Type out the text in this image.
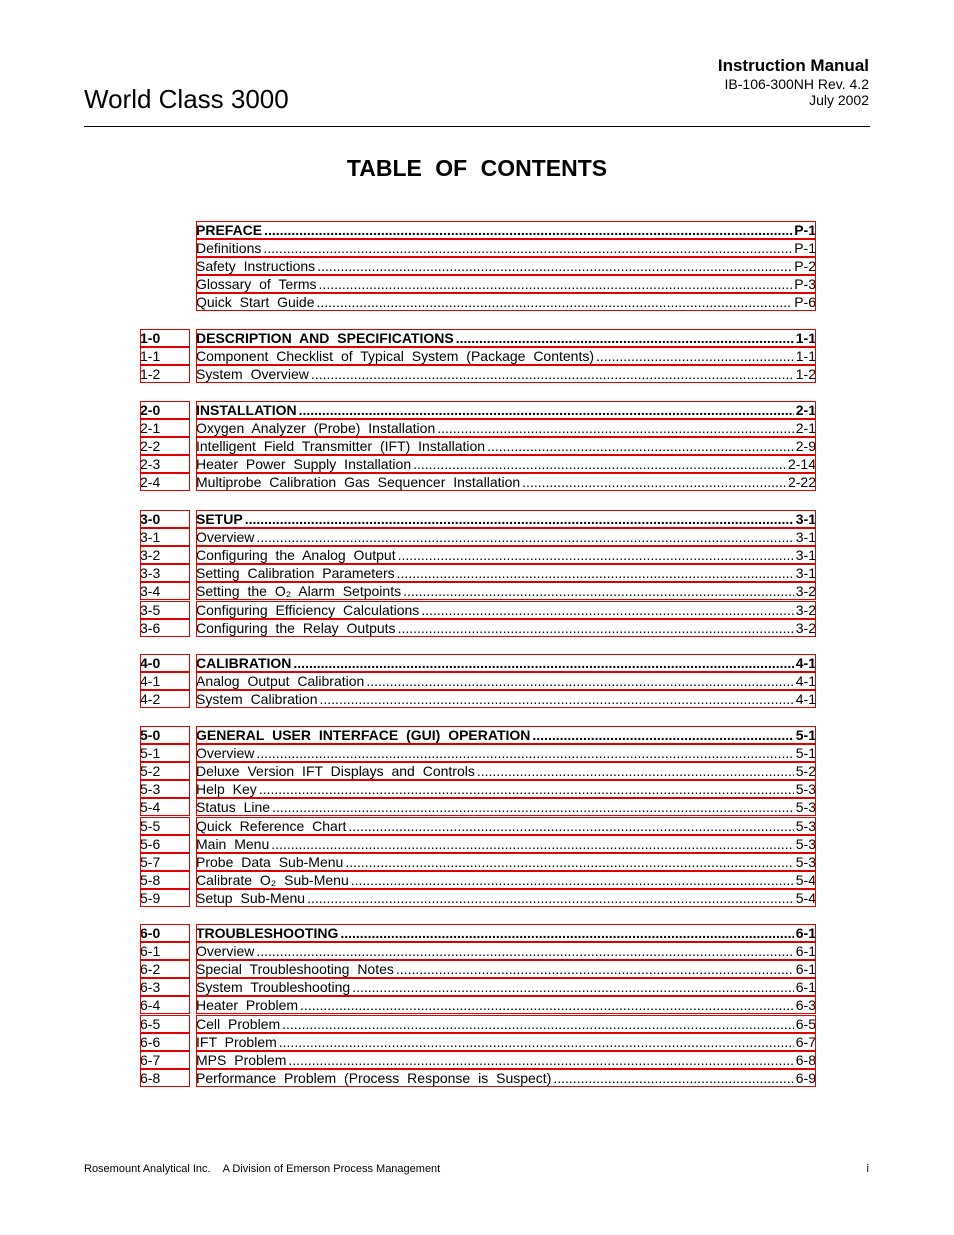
World Class 3000
Instruction Manual
IB-106-300NH Rev. 4.2
July 2002
TABLE OF CONTENTS
PREFACE .....	P-1
Definitions .....	P-1
Safety Instructions .....	P-2
Glossary of Terms .....	P-3
Quick Start Guide .....	P-6
1-0	DESCRIPTION AND SPECIFICATIONS .....	1-1
1-1	Component Checklist of Typical System (Package Contents) .....	1-1
1-2	System Overview .....	1-2
2-0	INSTALLATION .....	2-1
2-1	Oxygen Analyzer (Probe) Installation .....	2-1
2-2	Intelligent Field Transmitter (IFT) Installation .....	2-9
2-3	Heater Power Supply Installation .....	2-14
2-4	Multiprobe Calibration Gas Sequencer Installation .....	2-22
3-0	SETUP .....	3-1
3-1	Overview .....	3-1
3-2	Configuring the Analog Output .....	3-1
3-3	Setting Calibration Parameters .....	3-1
3-4	Setting the O₂ Alarm Setpoints .....	3-2
3-5	Configuring Efficiency Calculations .....	3-2
3-6	Configuring the Relay Outputs .....	3-2
4-0	CALIBRATION .....	4-1
4-1	Analog Output Calibration .....	4-1
4-2	System Calibration .....	4-1
5-0	GENERAL USER INTERFACE (GUI) OPERATION .....	5-1
5-1	Overview .....	5-1
5-2	Deluxe Version IFT Displays and Controls .....	5-2
5-3	Help Key .....	5-3
5-4	Status Line .....	5-3
5-5	Quick Reference Chart .....	5-3
5-6	Main Menu .....	5-3
5-7	Probe Data Sub-Menu .....	5-3
5-8	Calibrate O₂ Sub-Menu .....	5-4
5-9	Setup Sub-Menu .....	5-4
6-0	TROUBLESHOOTING .....	6-1
6-1	Overview .....	6-1
6-2	Special Troubleshooting Notes .....	6-1
6-3	System Troubleshooting .....	6-1
6-4	Heater Problem .....	6-3
6-5	Cell Problem .....	6-5
6-6	IFT Problem .....	6-7
6-7	MPS Problem .....	6-8
6-8	Performance Problem (Process Response is Suspect) .....	6-9
Rosemount Analytical Inc. A Division of Emerson Process Management	i
